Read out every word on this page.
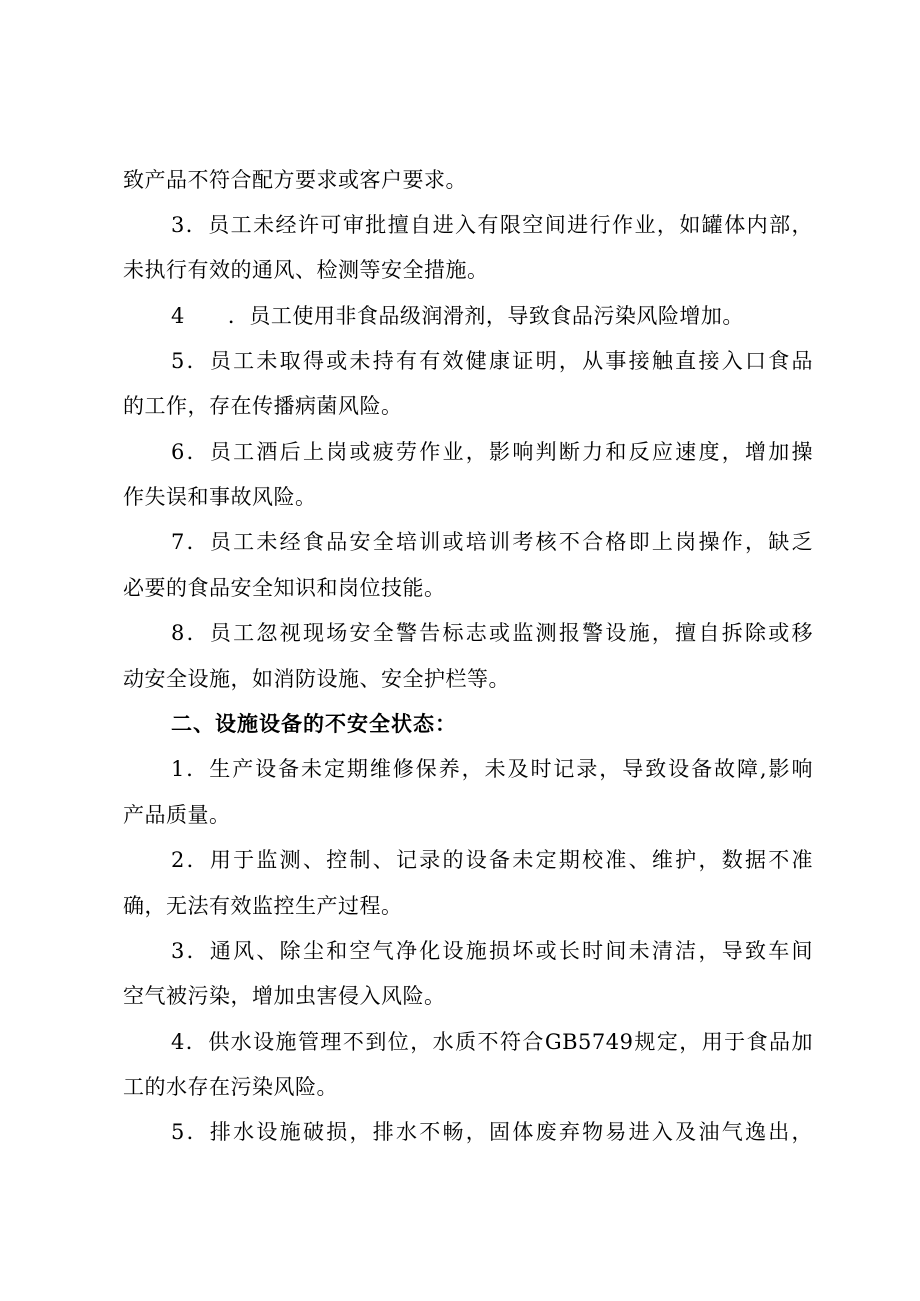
致产品不符合配方要求或客户要求。

3．员工未经许可审批擅自进入有限空间进行作业，如罐体内部，

未执行有效的通风、检测等安全措施。

4　　．员工使用非食品级润滑剂，导致食品污染风险增加。

5．员工未取得或未持有有效健康证明，从事接触直接入口食品

的工作，存在传播病菌风险。

6．员工酒后上岗或疲劳作业，影响判断力和反应速度，增加操

作失误和事故风险。

7．员工未经食品安全培训或培训考核不合格即上岗操作，缺乏

必要的食品安全知识和岗位技能。

8．员工忽视现场安全警告标志或监测报警设施，擅自拆除或移

动安全设施，如消防设施、安全护栏等。

二、设施设备的不安全状态：

1．生产设备未定期维修保养，未及时记录，导致设备故障,影响

产品质量。

2．用于监测、控制、记录的设备未定期校准、维护，数据不准

确，无法有效监控生产过程。

3．通风、除尘和空气净化设施损坏或长时间未清洁，导致车间

空气被污染，增加虫害侵入风险。

4．供水设施管理不到位，水质不符合GB5749规定，用于食品加

工的水存在污染风险。

5．排水设施破损，排水不畅，固体废弃物易进入及油气逸出，
